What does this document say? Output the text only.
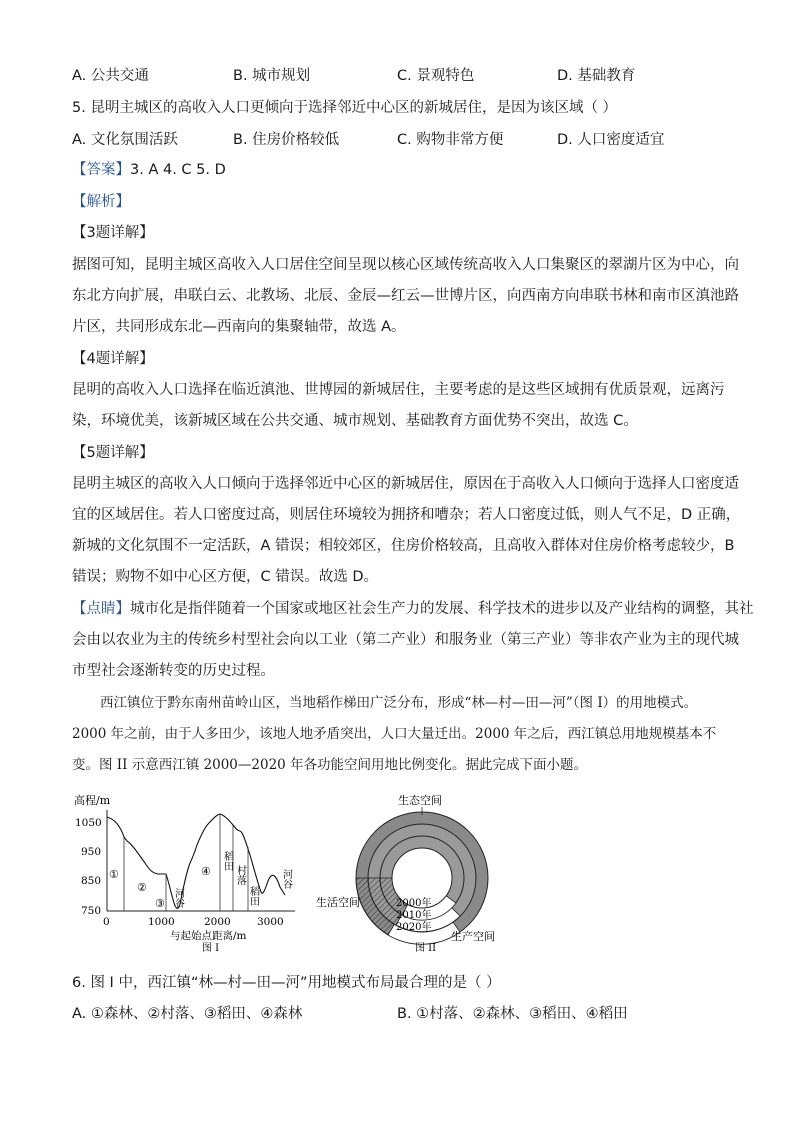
A. 公共交通	B. 城市规划	C. 景观特色	D. 基础教育
5. 昆明主城区的高收入人口更倾向于选择邻近中心区的新城居住，是因为该区域（ ）
A. 文化氛围活跃	B. 住房价格较低	C. 购物非常方便	D. 人口密度适宜
【答案】3. A 4. C 5. D
【解析】
【3题详解】
据图可知，昆明主城区高收入人口居住空间呈现以核心区域传统高收入人口集聚区的翠湖片区为中心，向
东北方向扩展，串联白云、北教场、北辰、金辰—红云—世博片区，向西南方向串联书林和南市区滇池路
片区，共同形成东北—西南向的集聚轴带，故选 A。
【4题详解】
昆明的高收入人口选择在临近滇池、世博园的新城居住，主要考虑的是这些区域拥有优质景观，远离污
染，环境优美，该新城区域在公共交通、城市规划、基础教育方面优势不突出，故选 C。
【5题详解】
昆明主城区的高收入人口倾向于选择邻近中心区的新城居住，原因在于高收入人口倾向于选择人口密度适
宜的区域居住。若人口密度过高，则居住环境较为拥挤和嘈杂；若人口密度过低，则人气不足，D 正确，
新城的文化氛围不一定活跃，A 错误；相较郊区，住房价格较高，且高收入群体对住房价格考虑较少，B
错误；购物不如中心区方便，C 错误。故选 D。
【点睛】城市化是指伴随着一个国家或地区社会生产力的发展、科学技术的进步以及产业结构的调整，其社
会由以农业为主的传统乡村型社会向以工业（第二产业）和服务业（第三产业）等非农产业为主的现代城
市型社会逐渐转变的历史过程。
西江镇位于黔东南州苗岭山区，当地稻作梯田广泛分布，形成“林—村—田—河”（图 I）的用地模式。
2000 年之前，由于人多田少，该地人地矛盾突出，人口大量迁出。2000 年之后，西江镇总用地规模基本不
变。图 II 示意西江镇 2000—2020 年各功能空间用地比例变化。据此完成下面小题。
高程/m
1050
950
850
750
0	1000	2000	3000
与起始点距离/m
图 I
①
②
③
④
河谷
稻田
村落
稻田
河谷
生态空间
生活空间
生产空间
2000年
2010年
2020年
图 II
6. 图 I 中，西江镇“林—村—田—河”用地模式布局最合理的是（ ）
A. ①森林、②村落、③稻田、④森林	B. ①村落、②森林、③稻田、④稻田
